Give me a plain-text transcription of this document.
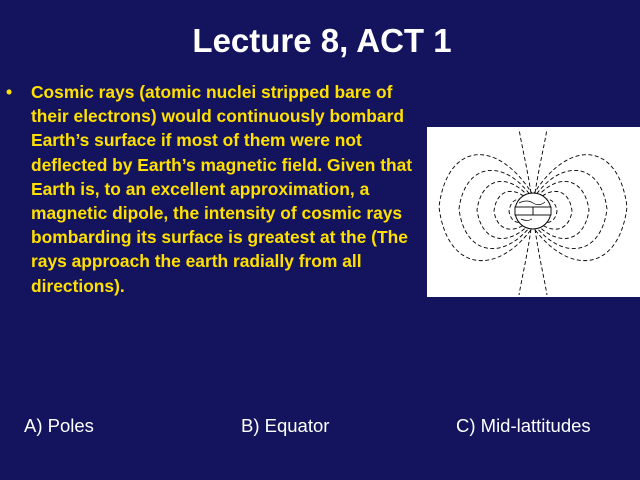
Lecture 8, ACT 1
•	Cosmic rays (atomic nuclei stripped bare of their electrons) would continuously bombard Earth’s surface if most of them were not deflected by Earth’s magnetic field. Given that Earth is, to an excellent approximation, a magnetic dipole, the intensity of cosmic rays bombarding its surface is greatest at the (The rays approach the earth radially from all directions).
A) Poles	B) Equator	C) Mid-lattitudes
